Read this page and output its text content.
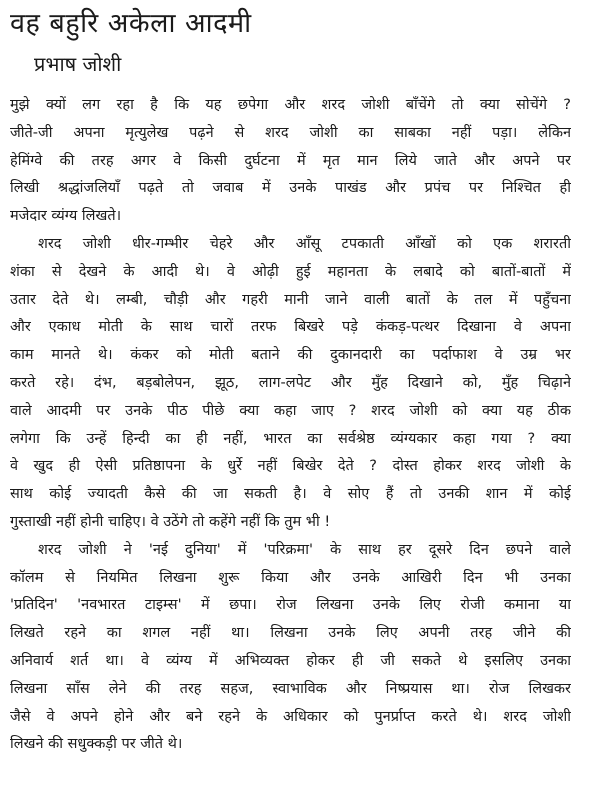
वह बहुरि अकेला आदमी
प्रभाष जोशी
मुझे क्यों लग रहा है कि यह छपेगा और शरद जोशी बाँचेंगे तो क्या सोचेंगे ?
जीते-जी अपना मृत्युलेख पढ़ने से शरद जोशी का साबका नहीं पड़ा। लेकिन
हेमिंग्वे की तरह अगर वे किसी दुर्घटना में मृत मान लिये जाते और अपने पर
लिखी श्रद्धांजलियाँ पढ़ते तो जवाब में उनके पाखंड और प्रपंच पर निश्चित ही
मजेदार व्यंग्य लिखते।
शरद जोशी धीर-गम्भीर चेहरे और आँसू टपकाती आँखों को एक शरारती
शंका से देखने के आदी थे। वे ओढ़ी हुई महानता के लबादे को बातों-बातों में
उतार देते थे। लम्बी, चौड़ी और गहरी मानी जाने वाली बातों के तल में पहुँचना
और एकाध मोती के साथ चारों तरफ बिखरे पड़े कंकड़-पत्थर दिखाना वे अपना
काम मानते थे। कंकर को मोती बताने की दुकानदारी का पर्दाफाश वे उम्र भर
करते रहे। दंभ, बड़बोलेपन, झूठ, लाग-लपेट और मुँह दिखाने को, मुँह चिढ़ाने
वाले आदमी पर उनके पीठ पीछे क्या कहा जाए ? शरद जोशी को क्या यह ठीक
लगेगा कि उन्हें हिन्दी का ही नहीं, भारत का सर्वश्रेष्ठ व्यंग्यकार कहा गया ? क्या
वे खुद ही ऐसी प्रतिष्ठापना के धुर्रे नहीं बिखेर देते ? दोस्त होकर शरद जोशी के
साथ कोई ज्यादती कैसे की जा सकती है। वे सोए हैं तो उनकी शान में कोई
गुस्ताखी नहीं होनी चाहिए। वे उठेंगे तो कहेंगे नहीं कि तुम भी !
शरद जोशी ने 'नई दुनिया' में 'परिक्रमा' के साथ हर दूसरे दिन छपने वाले
कॉलम से नियमित लिखना शुरू किया और उनके आखिरी दिन भी उनका
'प्रतिदिन' 'नवभारत टाइम्स' में छपा। रोज लिखना उनके लिए रोजी कमाना या
लिखते रहने का शगल नहीं था। लिखना उनके लिए अपनी तरह जीने की
अनिवार्य शर्त था। वे व्यंग्य में अभिव्यक्त होकर ही जी सकते थे इसलिए उनका
लिखना साँस लेने की तरह सहज, स्वाभाविक और निष्प्रयास था। रोज लिखकर
जैसे वे अपने होने और बने रहने के अधिकार को पुनर्प्राप्त करते थे। शरद जोशी
लिखने की सधुक्कड़ी पर जीते थे।
